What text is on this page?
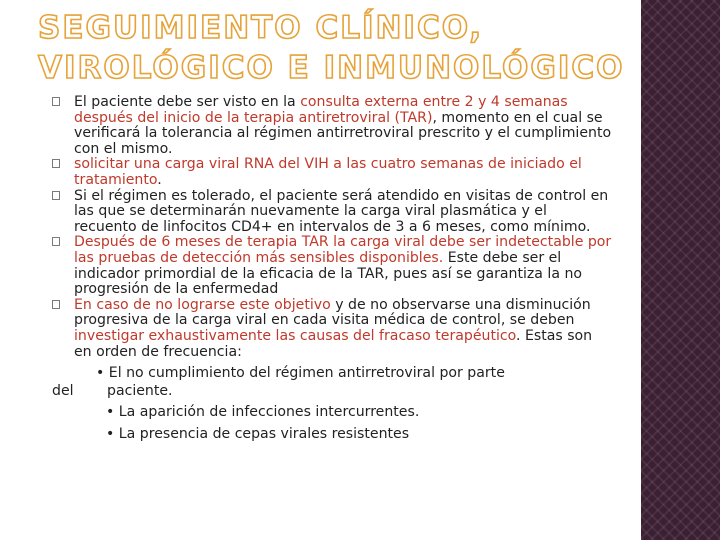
SEGUIMIENTO CLÍNICO,
VIROLÓGICO E INMUNOLÓGICO
El paciente debe ser visto en la consulta externa entre 2 y 4 semanas después del inicio de la terapia antiretroviral (TAR), momento en el cual se verificará la tolerancia al régimen antirretroviral prescrito y el cumplimiento con el mismo.
solicitar una carga viral RNA del VIH a las cuatro semanas de iniciado el tratamiento.
Si el régimen es tolerado, el paciente será atendido en visitas de control en las que se determinarán nuevamente la carga viral plasmática y el recuento de linfocitos CD4+ en intervalos de 3 a 6 meses, como mínimo.
Después de 6 meses de terapia TAR la carga viral debe ser indetectable por las pruebas de detección más sensibles disponibles. Este debe ser el indicador primordial de la eficacia de la TAR, pues así se garantiza la no progresión de la enfermedad
En caso de no lograrse este objetivo y de no observarse una disminución progresiva de la carga viral en cada visita médica de control, se deben investigar exhaustivamente las causas del fracaso terapéutico. Estas son en orden de frecuencia:
• El no cumplimiento del régimen antirretroviral por parte
del paciente.
• La aparición de infecciones intercurrentes.
• La presencia de cepas virales resistentes
